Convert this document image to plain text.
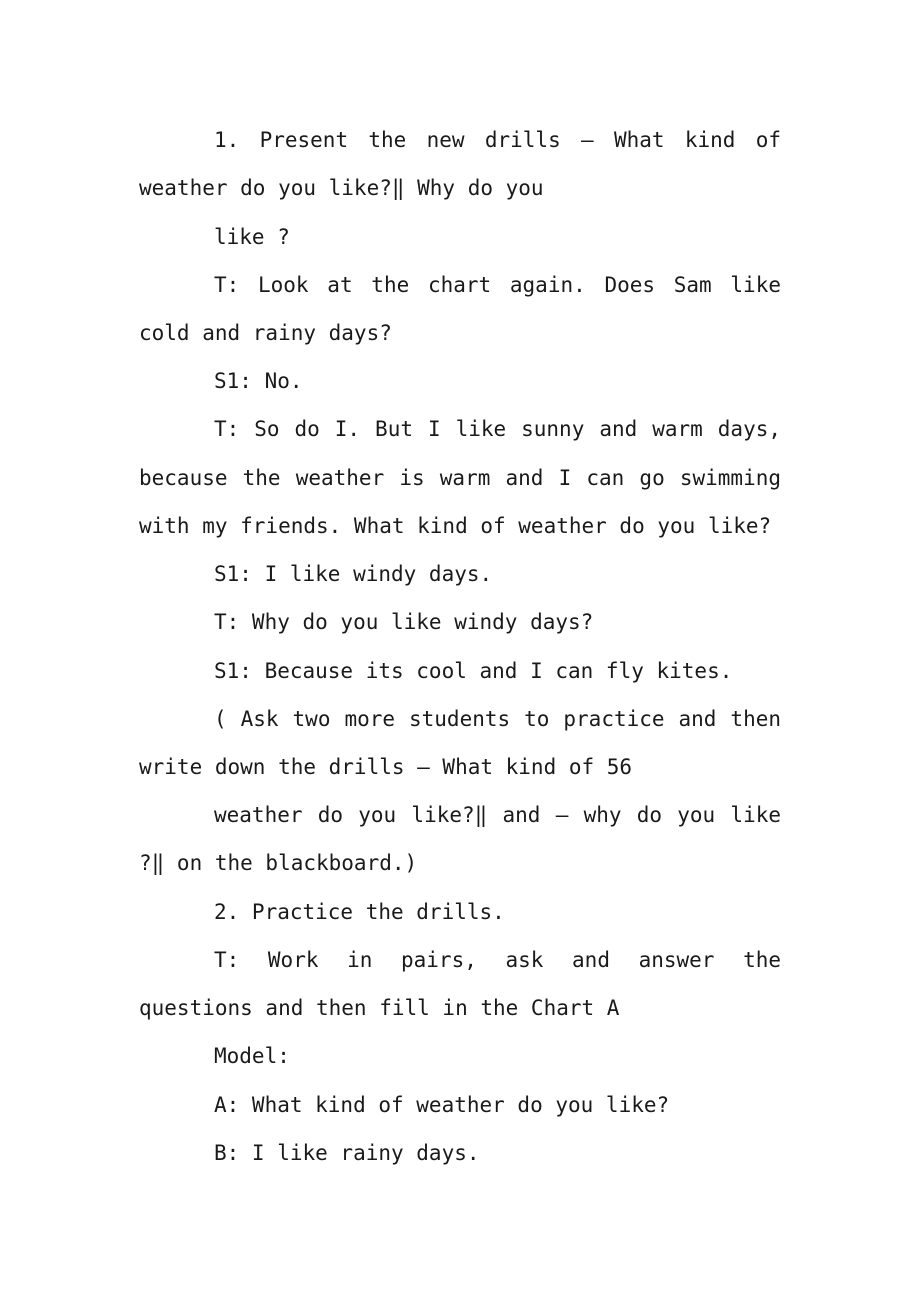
1. Present the new drills — What kind of
weather do you like?‖ Why do you
like ?
T: Look at the chart again. Does Sam like
cold and rainy days?
S1: No.
T: So do I. But I like sunny and warm days,
because the weather is warm and I can go swimming
with my friends. What kind of weather do you like?
S1: I like windy days.
T: Why do you like windy days?
S1: Because its cool and I can fly kites.
( Ask two more students to practice and then
write down the drills — What kind of 56
weather do you like?‖ and — why do you like
?‖ on the blackboard.)
2. Practice the drills.
T: Work in pairs, ask and answer the
questions and then fill in the Chart A
Model:
A: What kind of weather do you like?
B: I like rainy days.
